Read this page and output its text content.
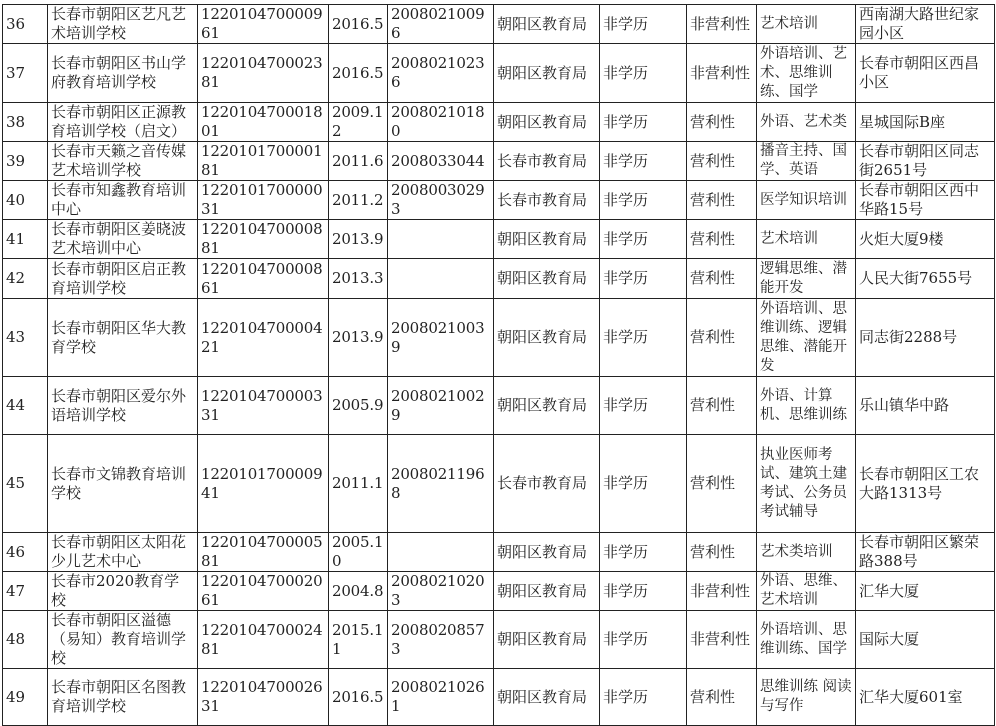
36	长春市朝阳区艺凡艺术培训学校	122010470000961	2016.5	20080210096	朝阳区教育局	非学历	非营利性	艺术培训	西南湖大路世纪家园小区
37	长春市朝阳区书山学府教育培训学校	122010470002381	2016.5	20080210236	朝阳区教育局	非学历	非营利性	外语培训、艺术、思维训练、国学	长春市朝阳区西昌小区
38	长春市朝阳区正源教育培训学校（启文）	122010470001801	2009.12	20080210180	朝阳区教育局	非学历	营利性	外语、艺术类	星城国际B座
39	长春市天籁之音传媒艺术培训学校	122010170000181	2011.6	2008033044	长春市教育局	非学历	营利性	播音主持、国学、英语	长春市朝阳区同志街2651号
40	长春市知鑫教育培训中心	122010170000031	2011.2	20080030293	长春市教育局	非学历	营利性	医学知识培训	长春市朝阳区西中华路15号
41	长春市朝阳区姜晓波艺术培训中心	122010470000881	2013.9		朝阳区教育局	非学历	营利性	艺术培训	火炬大厦9楼
42	长春市朝阳区启正教育培训学校	122010470000861	2013.3		朝阳区教育局	非学历	营利性	逻辑思维、潜能开发	人民大街7655号
43	长春市朝阳区华大教育学校	122010470000421	2013.9	20080210039	朝阳区教育局	非学历	营利性	外语培训、思维训练、逻辑思维、潜能开发	同志街2288号
44	长春市朝阳区爱尔外语培训学校	122010470000331	2005.9	20080210029	朝阳区教育局	非学历	营利性	外语、计算机、思维训练	乐山镇华中路
45	长春市文锦教育培训学校	122010170000941	2011.1	20080211968	长春市教育局	非学历	营利性	执业医师考试、建筑土建考试、公务员考试辅导	长春市朝阳区工农大路1313号
46	长春市朝阳区太阳花少儿艺术中心	122010470000581	2005.10		朝阳区教育局	非学历	营利性	艺术类培训	长春市朝阳区繁荣路388号
47	长春市2020教育学校	122010470002061	2004.8	20080210203	朝阳区教育局	非学历	非营利性	外语、思维、艺术培训	汇华大厦
48	长春市朝阳区溢德（易知）教育培训学校	122010470002481	2015.11	20080208573	朝阳区教育局	非学历	非营利性	外语培训、思维训练、国学	国际大厦
49	长春市朝阳区名图教育培训学校	122010470002631	2016.5	20080210261	朝阳区教育局	非学历	营利性	思维训练 阅读与写作	汇华大厦601室
